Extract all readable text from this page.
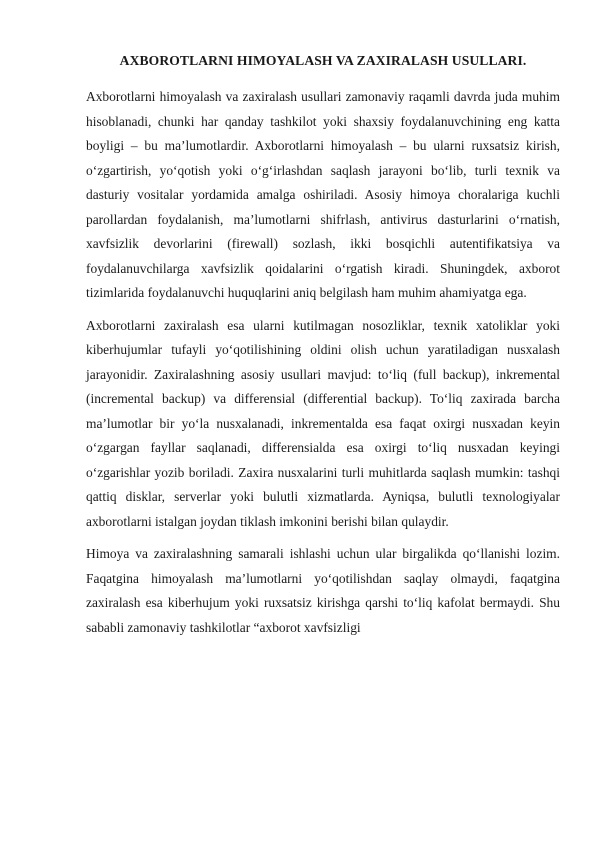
AXBOROTLARNI HIMOYALASH VA ZAXIRALASH USULLARI.

Axborotlarni himoyalash va zaxiralash usullari zamonaviy raqamli davrda juda muhim hisoblanadi, chunki har qanday tashkilot yoki shaxsiy foydalanuvchining eng katta boyligi – bu ma’lumotlardir. Axborotlarni himoyalash – bu ularni ruxsatsiz kirish, o‘zgartirish, yo‘qotish yoki o‘g‘irlashdan saqlash jarayoni bo‘lib, turli texnik va dasturiy vositalar yordamida amalga oshiriladi. Asosiy himoya choralariga kuchli parollardan foydalanish, ma’lumotlarni shifrlash, antivirus dasturlarini o‘rnatish, xavfsizlik devorlarini (firewall) sozlash, ikki bosqichli autentifikatsiya va foydalanuvchilarga xavfsizlik qoidalarini o‘rgatish kiradi. Shuningdek, axborot tizimlarida foydalanuvchi huquqlarini aniq belgilash ham muhim ahamiyatga ega.

Axborotlarni zaxiralash esa ularni kutilmagan nosozliklar, texnik xatoliklar yoki kiberhujumlar tufayli yo‘qotilishining oldini olish uchun yaratiladigan nusxalash jarayonidir. Zaxiralashning asosiy usullari mavjud: to‘liq (full backup), inkremental (incremental backup) va differensial (differential backup). To‘liq zaxirada barcha ma’lumotlar bir yo‘la nusxalanadi, inkrementalda esa faqat oxirgi nusxadan keyin o‘zgargan fayllar saqlanadi, differensialda esa oxirgi to‘liq nusxadan keyingi o‘zgarishlar yozib boriladi. Zaxira nusxalarini turli muhitlarda saqlash mumkin: tashqi qattiq disklar, serverlar yoki bulutli xizmatlarda. Ayniqsa, bulutli texnologiyalar axborotlarni istalgan joydan tiklash imkonini berishi bilan qulaydir.

Himoya va zaxiralashning samarali ishlashi uchun ular birgalikda qo‘llanishi lozim. Faqatgina himoyalash ma’lumotlarni yo‘qotilishdan saqlay olmaydi, faqatgina zaxiralash esa kiberhujum yoki ruxsatsiz kirishga qarshi to‘liq kafolat bermaydi. Shu sababli zamonaviy tashkilotlar “axborot xavfsizligi
